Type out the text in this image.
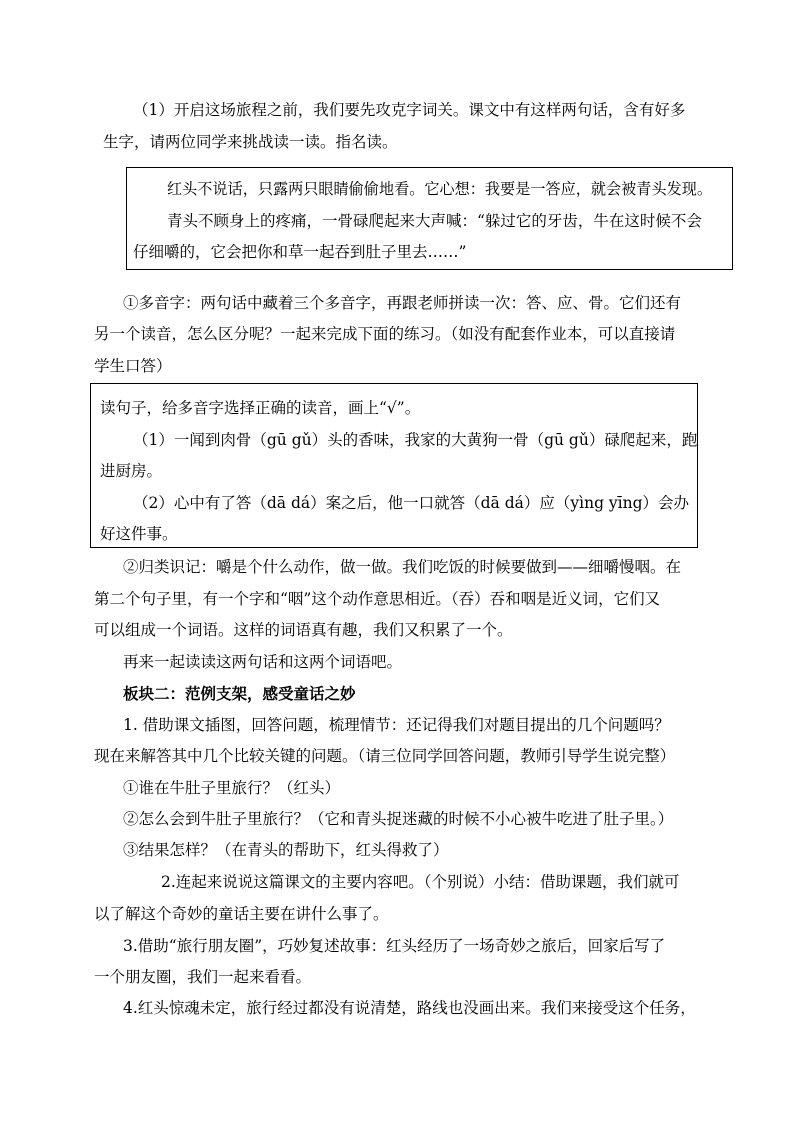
（1）开启这场旅程之前，我们要先攻克字词关。课文中有这样两句话，含有好多
生字，请两位同学来挑战读一读。指名读。
红头不说话，只露两只眼睛偷偷地看。它心想：我要是一答应，就会被青头发现。
青头不顾身上的疼痛，一骨碌爬起来大声喊：“躲过它的牙齿，牛在这时候不会
仔细嚼的，它会把你和草一起吞到肚子里去……”
①多音字：两句话中藏着三个多音字，再跟老师拼读一次：答、应、骨。它们还有
另一个读音，怎么区分呢？一起来完成下面的练习。（如没有配套作业本，可以直接请
学生口答）
读句子，给多音字选择正确的读音，画上“√”。
（1）一闻到肉骨（gū gǔ）头的香味，我家的大黄狗一骨（gū gǔ）碌爬起来，跑
进厨房。
（2）心中有了答（dā dá）案之后，他一口就答（dā dá）应（yìng yīng）会办
好这件事。
②归类识记：嚼是个什么动作，做一做。我们吃饭的时候要做到——细嚼慢咽。在
第二个句子里，有一个字和“咽”这个动作意思相近。（吞）吞和咽是近义词，它们又
可以组成一个词语。这样的词语真有趣，我们又积累了一个。
再来一起读读这两句话和这两个词语吧。
板块二：范例支架，感受童话之妙
1. 借助课文插图，回答问题，梳理情节：还记得我们对题目提出的几个问题吗？
现在来解答其中几个比较关键的问题。（请三位同学回答问题，教师引导学生说完整）
①谁在牛肚子里旅行？（红头）
②怎么会到牛肚子里旅行？（它和青头捉迷藏的时候不小心被牛吃进了肚子里。）
③结果怎样？（在青头的帮助下，红头得救了）
2.连起来说说这篇课文的主要内容吧。（个别说）小结：借助课题，我们就可
以了解这个奇妙的童话主要在讲什么事了。
3.借助“旅行朋友圈”，巧妙复述故事：红头经历了一场奇妙之旅后，回家后写了
一个朋友圈，我们一起来看看。
4.红头惊魂未定，旅行经过都没有说清楚，路线也没画出来。我们来接受这个任务，
